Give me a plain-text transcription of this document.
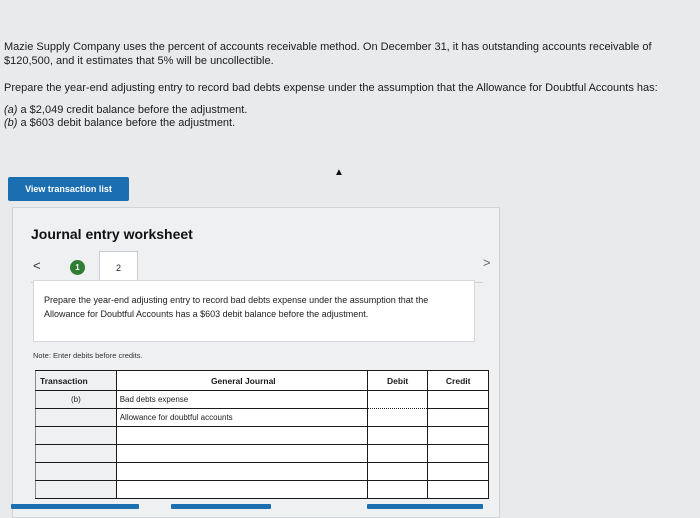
Mazie Supply Company uses the percent of accounts receivable method. On December 31, it has outstanding accounts receivable of $120,500, and it estimates that 5% will be uncollectible.

Prepare the year-end adjusting entry to record bad debts expense under the assumption that the Allowance for Doubtful Accounts has:

(a) a $2,049 credit balance before the adjustment.
(b) a $603 debit balance before the adjustment.
View transaction list
▲
Journal entry worksheet
<	1	2	>
Prepare the year-end adjusting entry to record bad debts expense under the assumption that the Allowance for Doubtful Accounts has a $603 debit balance before the adjustment.
Note: Enter debits before credits.
Transaction	General Journal	Debit	Credit
(b)	Bad debts expense		
	Allowance for doubtful accounts		
